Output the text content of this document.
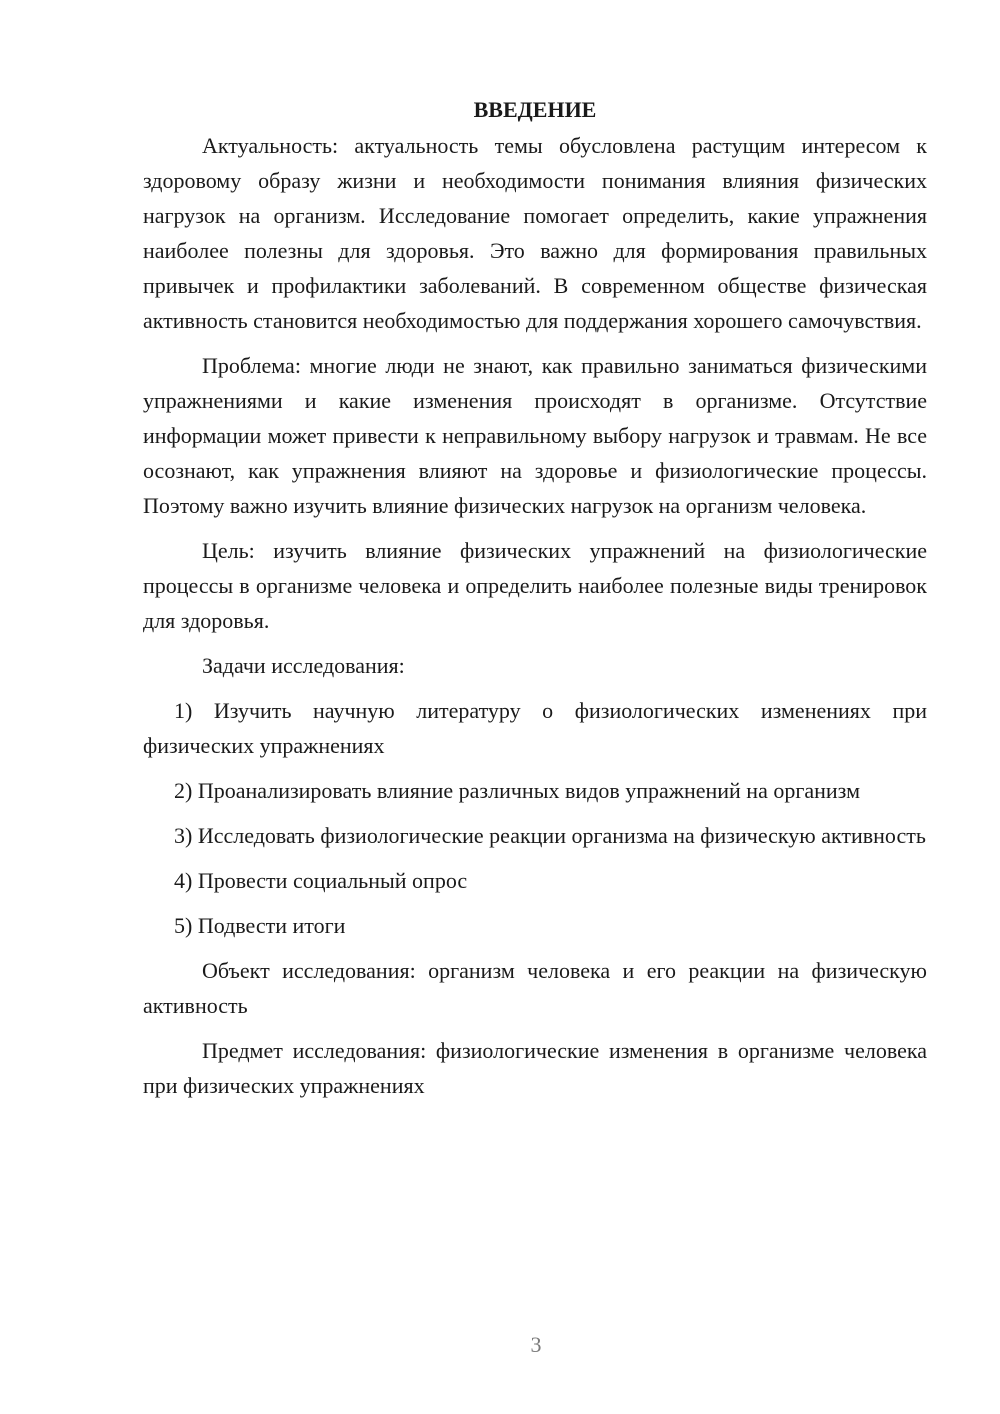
ВВЕДЕНИЕ

Актуальность: актуальность темы обусловлена растущим интересом к здоровому образу жизни и необходимости понимания влияния физических нагрузок на организм. Исследование помогает определить, какие упражнения наиболее полезны для здоровья. Это важно для формирования правильных привычек и профилактики заболеваний. В современном обществе физическая активность становится необходимостью для поддержания хорошего самочувствия.

Проблема: многие люди не знают, как правильно заниматься физическими упражнениями и какие изменения происходят в организме. Отсутствие информации может привести к неправильному выбору нагрузок и травмам. Не все осознают, как упражнения влияют на здоровье и физиологические процессы. Поэтому важно изучить влияние физических нагрузок на организм человека.

Цель: изучить влияние физических упражнений на физиологические процессы в организме человека и определить наиболее полезные виды тренировок для здоровья.

Задачи исследования:

1) Изучить научную литературу о физиологических изменениях при физических упражнениях

2) Проанализировать влияние различных видов упражнений на организм

3) Исследовать физиологические реакции организма на физическую активность

4) Провести социальный опрос

5) Подвести итоги

Объект исследования: организм человека и его реакции на физическую активность

Предмет исследования: физиологические изменения в организме человека при физических упражнениях

3
